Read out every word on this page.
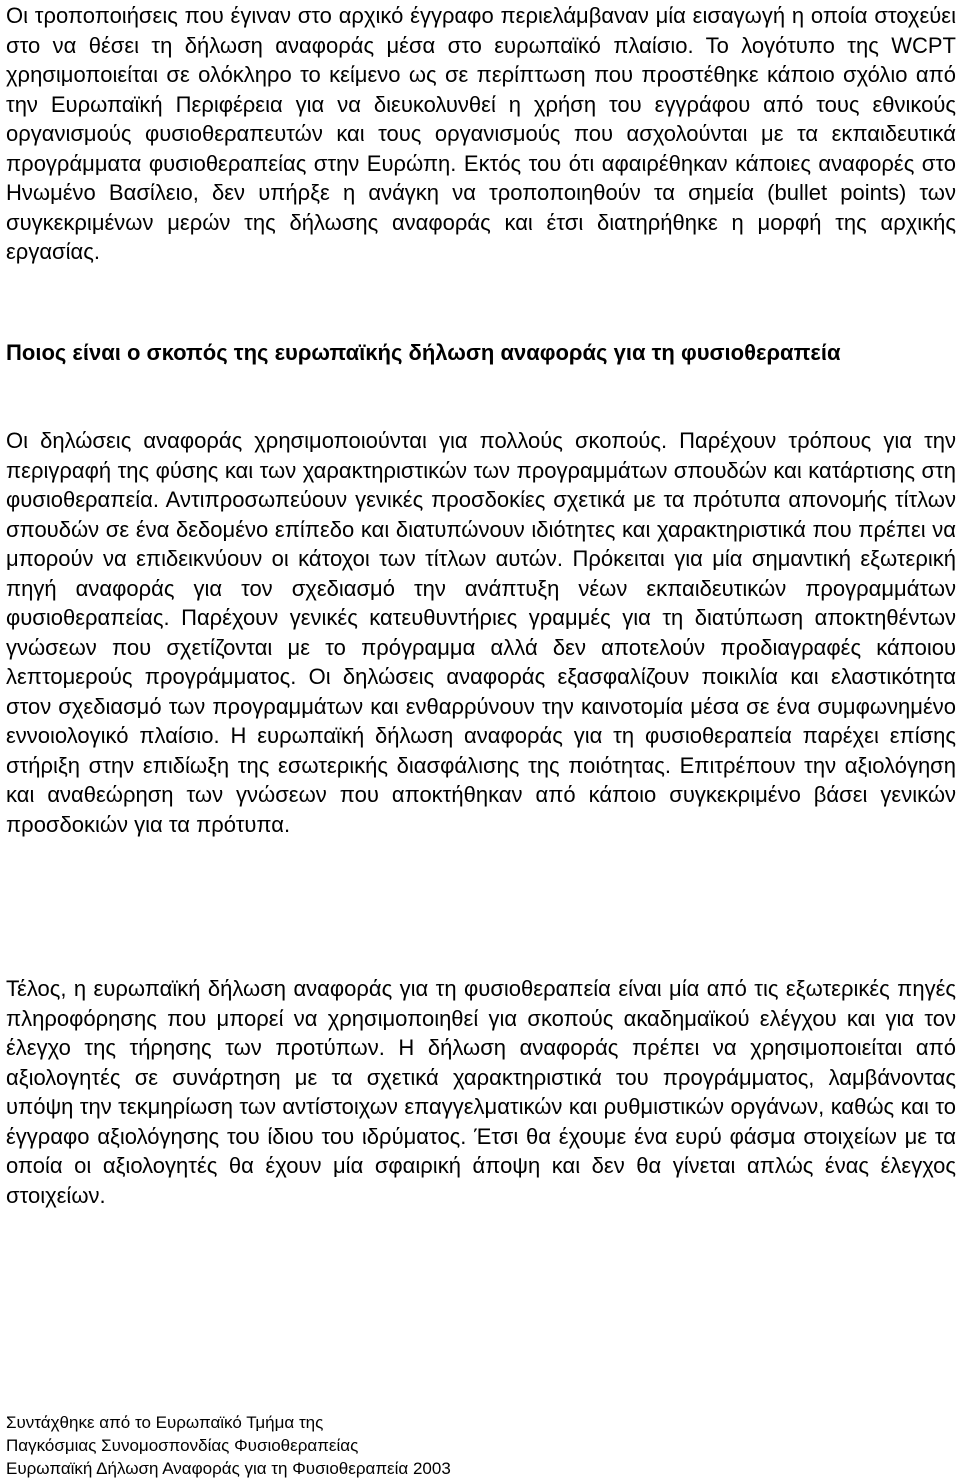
Οι τροποποιήσεις που έγιναν στο αρχικό έγγραφο περιελάμβαναν μία εισαγωγή η οποία στοχεύει στο να θέσει τη δήλωση αναφοράς μέσα στο ευρωπαϊκό πλαίσιο. Το λογότυπο της WCPT χρησιμοποιείται σε ολόκληρο το κείμενο ως σε περίπτωση που προστέθηκε κάποιο σχόλιο από την Ευρωπαϊκή Περιφέρεια για να διευκολυνθεί η χρήση του εγγράφου από τους εθνικούς οργανισμούς φυσιοθεραπευτών και τους οργανισμούς που ασχολούνται με τα εκπαιδευτικά προγράμματα φυσιοθεραπείας στην Ευρώπη. Εκτός του ότι αφαιρέθηκαν κάποιες αναφορές στο Ηνωμένο Βασίλειο, δεν υπήρξε η ανάγκη να τροποποιηθούν τα σημεία (bullet points) των συγκεκριμένων μερών της δήλωσης αναφοράς και έτσι διατηρήθηκε η μορφή της αρχικής εργασίας.

Ποιος είναι ο σκοπός της ευρωπαϊκής δήλωση αναφοράς για τη φυσιοθεραπεία

Οι δηλώσεις αναφοράς χρησιμοποιούνται για πολλούς σκοπούς. Παρέχουν τρόπους για την περιγραφή της φύσης και των χαρακτηριστικών των προγραμμάτων σπουδών και κατάρτισης στη φυσιοθεραπεία. Αντιπροσωπεύουν γενικές προσδοκίες σχετικά με τα πρότυπα απονομής τίτλων σπουδών σε ένα δεδομένο επίπεδο και διατυπώνουν ιδιότητες και χαρακτηριστικά που πρέπει να μπορούν να επιδεικνύουν οι κάτοχοι των τίτλων αυτών. Πρόκειται για μία σημαντική εξωτερική πηγή αναφοράς για τον σχεδιασμό την ανάπτυξη νέων εκπαιδευτικών προγραμμάτων φυσιοθεραπείας. Παρέχουν γενικές κατευθυντήριες γραμμές για τη διατύπωση αποκτηθέντων γνώσεων που σχετίζονται με το πρόγραμμα αλλά δεν αποτελούν προδιαγραφές κάποιου λεπτομερούς προγράμματος. Οι δηλώσεις αναφοράς εξασφαλίζουν ποικιλία και ελαστικότητα στον σχεδιασμό των προγραμμάτων και ενθαρρύνουν την καινοτομία μέσα σε ένα συμφωνημένο εννοιολογικό πλαίσιο. Η ευρωπαϊκή δήλωση αναφοράς για τη φυσιοθεραπεία παρέχει επίσης στήριξη στην επιδίωξη της εσωτερικής διασφάλισης της ποιότητας. Επιτρέπουν την αξιολόγηση και αναθεώρηση των γνώσεων που αποκτήθηκαν από κάποιο συγκεκριμένο βάσει γενικών προσδοκιών για τα πρότυπα.

Τέλος, η ευρωπαϊκή δήλωση αναφοράς για τη φυσιοθεραπεία είναι μία από τις εξωτερικές πηγές πληροφόρησης που μπορεί να χρησιμοποιηθεί για σκοπούς ακαδημαϊκού ελέγχου και για τον έλεγχο της τήρησης των προτύπων. Η δήλωση αναφοράς πρέπει να χρησιμοποιείται από αξιολογητές σε συνάρτηση με τα σχετικά χαρακτηριστικά του προγράμματος, λαμβάνοντας υπόψη την τεκμηρίωση των αντίστοιχων επαγγελματικών και ρυθμιστικών οργάνων, καθώς και το έγγραφο αξιολόγησης του ίδιου του ιδρύματος. Έτσι θα έχουμε ένα ευρύ φάσμα στοιχείων με τα οποία οι αξιολογητές θα έχουν μία σφαιρική άποψη και δεν θα γίνεται απλώς ένας έλεγχος στοιχείων.

Συντάχθηκε από το Ευρωπαϊκό Τμήμα της
Παγκόσμιας Συνομοσπονδίας Φυσιοθεραπείας
Ευρωπαϊκή Δήλωση Αναφοράς για τη Φυσιοθεραπεία 2003
